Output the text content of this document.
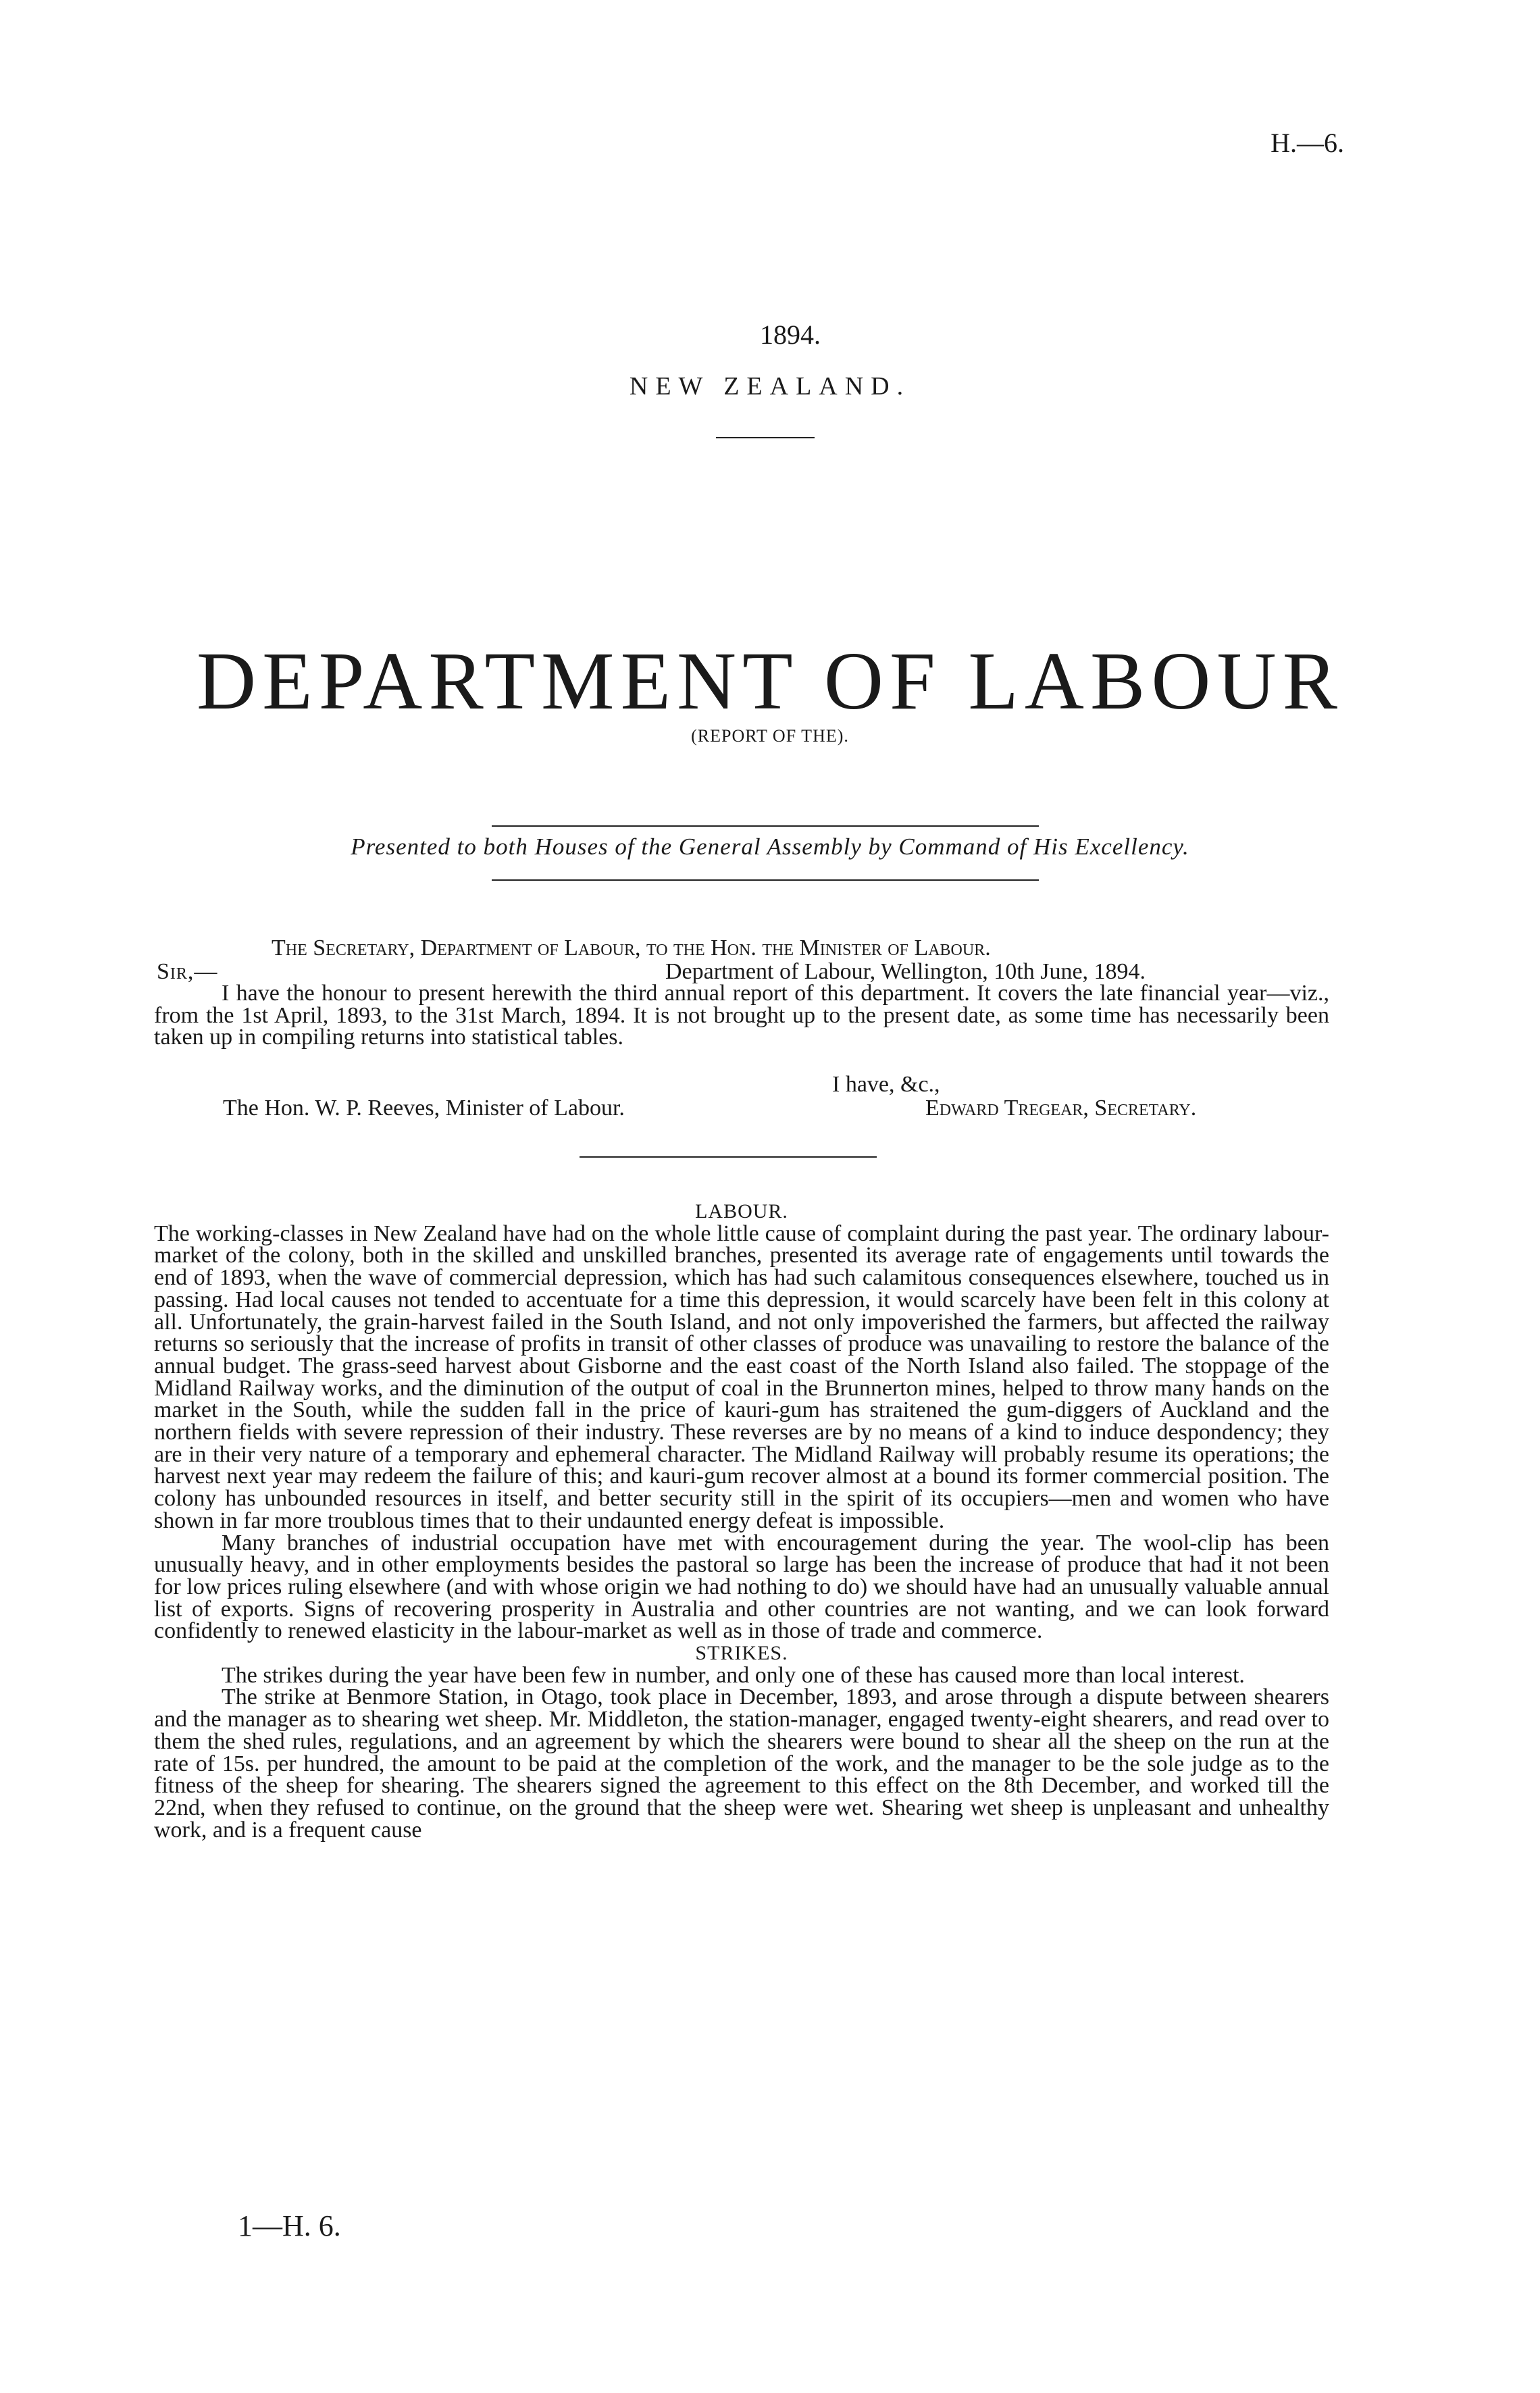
H.—6.
1894.
NEW ZEALAND.
DEPARTMENT OF LABOUR
(REPORT OF THE).
Presented to both Houses of the General Assembly by Command of His Excellency.
The Secretary, Department of Labour, to the Hon. the Minister of Labour.
Sir,—	Department of Labour, Wellington, 10th June, 1894.

I have the honour to present herewith the third annual report of this department. It covers the late financial year—viz., from the 1st April, 1893, to the 31st March, 1894. It is not brought up to the present date, as some time has necessarily been taken up in compiling returns into statistical tables.

I have, &c.,
The Hon. W. P. Reeves, Minister of Labour.	Edward Tregear, Secretary.

LABOUR.

The working-classes in New Zealand have had on the whole little cause of complaint during the past year. The ordinary labour-market of the colony, both in the skilled and unskilled branches, presented its average rate of engagements until towards the end of 1893, when the wave of commercial depression, which has had such calamitous consequences elsewhere, touched us in passing. Had local causes not tended to accentuate for a time this depression, it would scarcely have been felt in this colony at all. Unfortunately, the grain-harvest failed in the South Island, and not only impoverished the farmers, but affected the railway returns so seriously that the increase of profits in transit of other classes of produce was unavailing to restore the balance of the annual budget. The grass-seed harvest about Gisborne and the east coast of the North Island also failed. The stoppage of the Midland Railway works, and the diminution of the output of coal in the Brunnerton mines, helped to throw many hands on the market in the South, while the sudden fall in the price of kauri-gum has straitened the gum-diggers of Auckland and the northern fields with severe repression of their industry. These reverses are by no means of a kind to induce despondency; they are in their very nature of a temporary and ephemeral character. The Midland Railway will probably resume its operations; the harvest next year may redeem the failure of this; and kauri-gum recover almost at a bound its former commercial position. The colony has unbounded resources in itself, and better security still in the spirit of its occupiers—men and women who have shown in far more troublous times that to their undaunted energy defeat is impossible.

Many branches of industrial occupation have met with encouragement during the year. The wool-clip has been unusually heavy, and in other employments besides the pastoral so large has been the increase of produce that had it not been for low prices ruling elsewhere (and with whose origin we had nothing to do) we should have had an unusually valuable annual list of exports. Signs of recovering prosperity in Australia and other countries are not wanting, and we can look forward confidently to renewed elasticity in the labour-market as well as in those of trade and commerce.

STRIKES.

The strikes during the year have been few in number, and only one of these has caused more than local interest.

The strike at Benmore Station, in Otago, took place in December, 1893, and arose through a dispute between shearers and the manager as to shearing wet sheep. Mr. Middleton, the station-manager, engaged twenty-eight shearers, and read over to them the shed rules, regulations, and an agreement by which the shearers were bound to shear all the sheep on the run at the rate of 15s. per hundred, the amount to be paid at the completion of the work, and the manager to be the sole judge as to the fitness of the sheep for shearing. The shearers signed the agreement to this effect on the 8th December, and worked till the 22nd, when they refused to continue, on the ground that the sheep were wet. Shearing wet sheep is unpleasant and unhealthy work, and is a frequent cause

1—H. 6.
